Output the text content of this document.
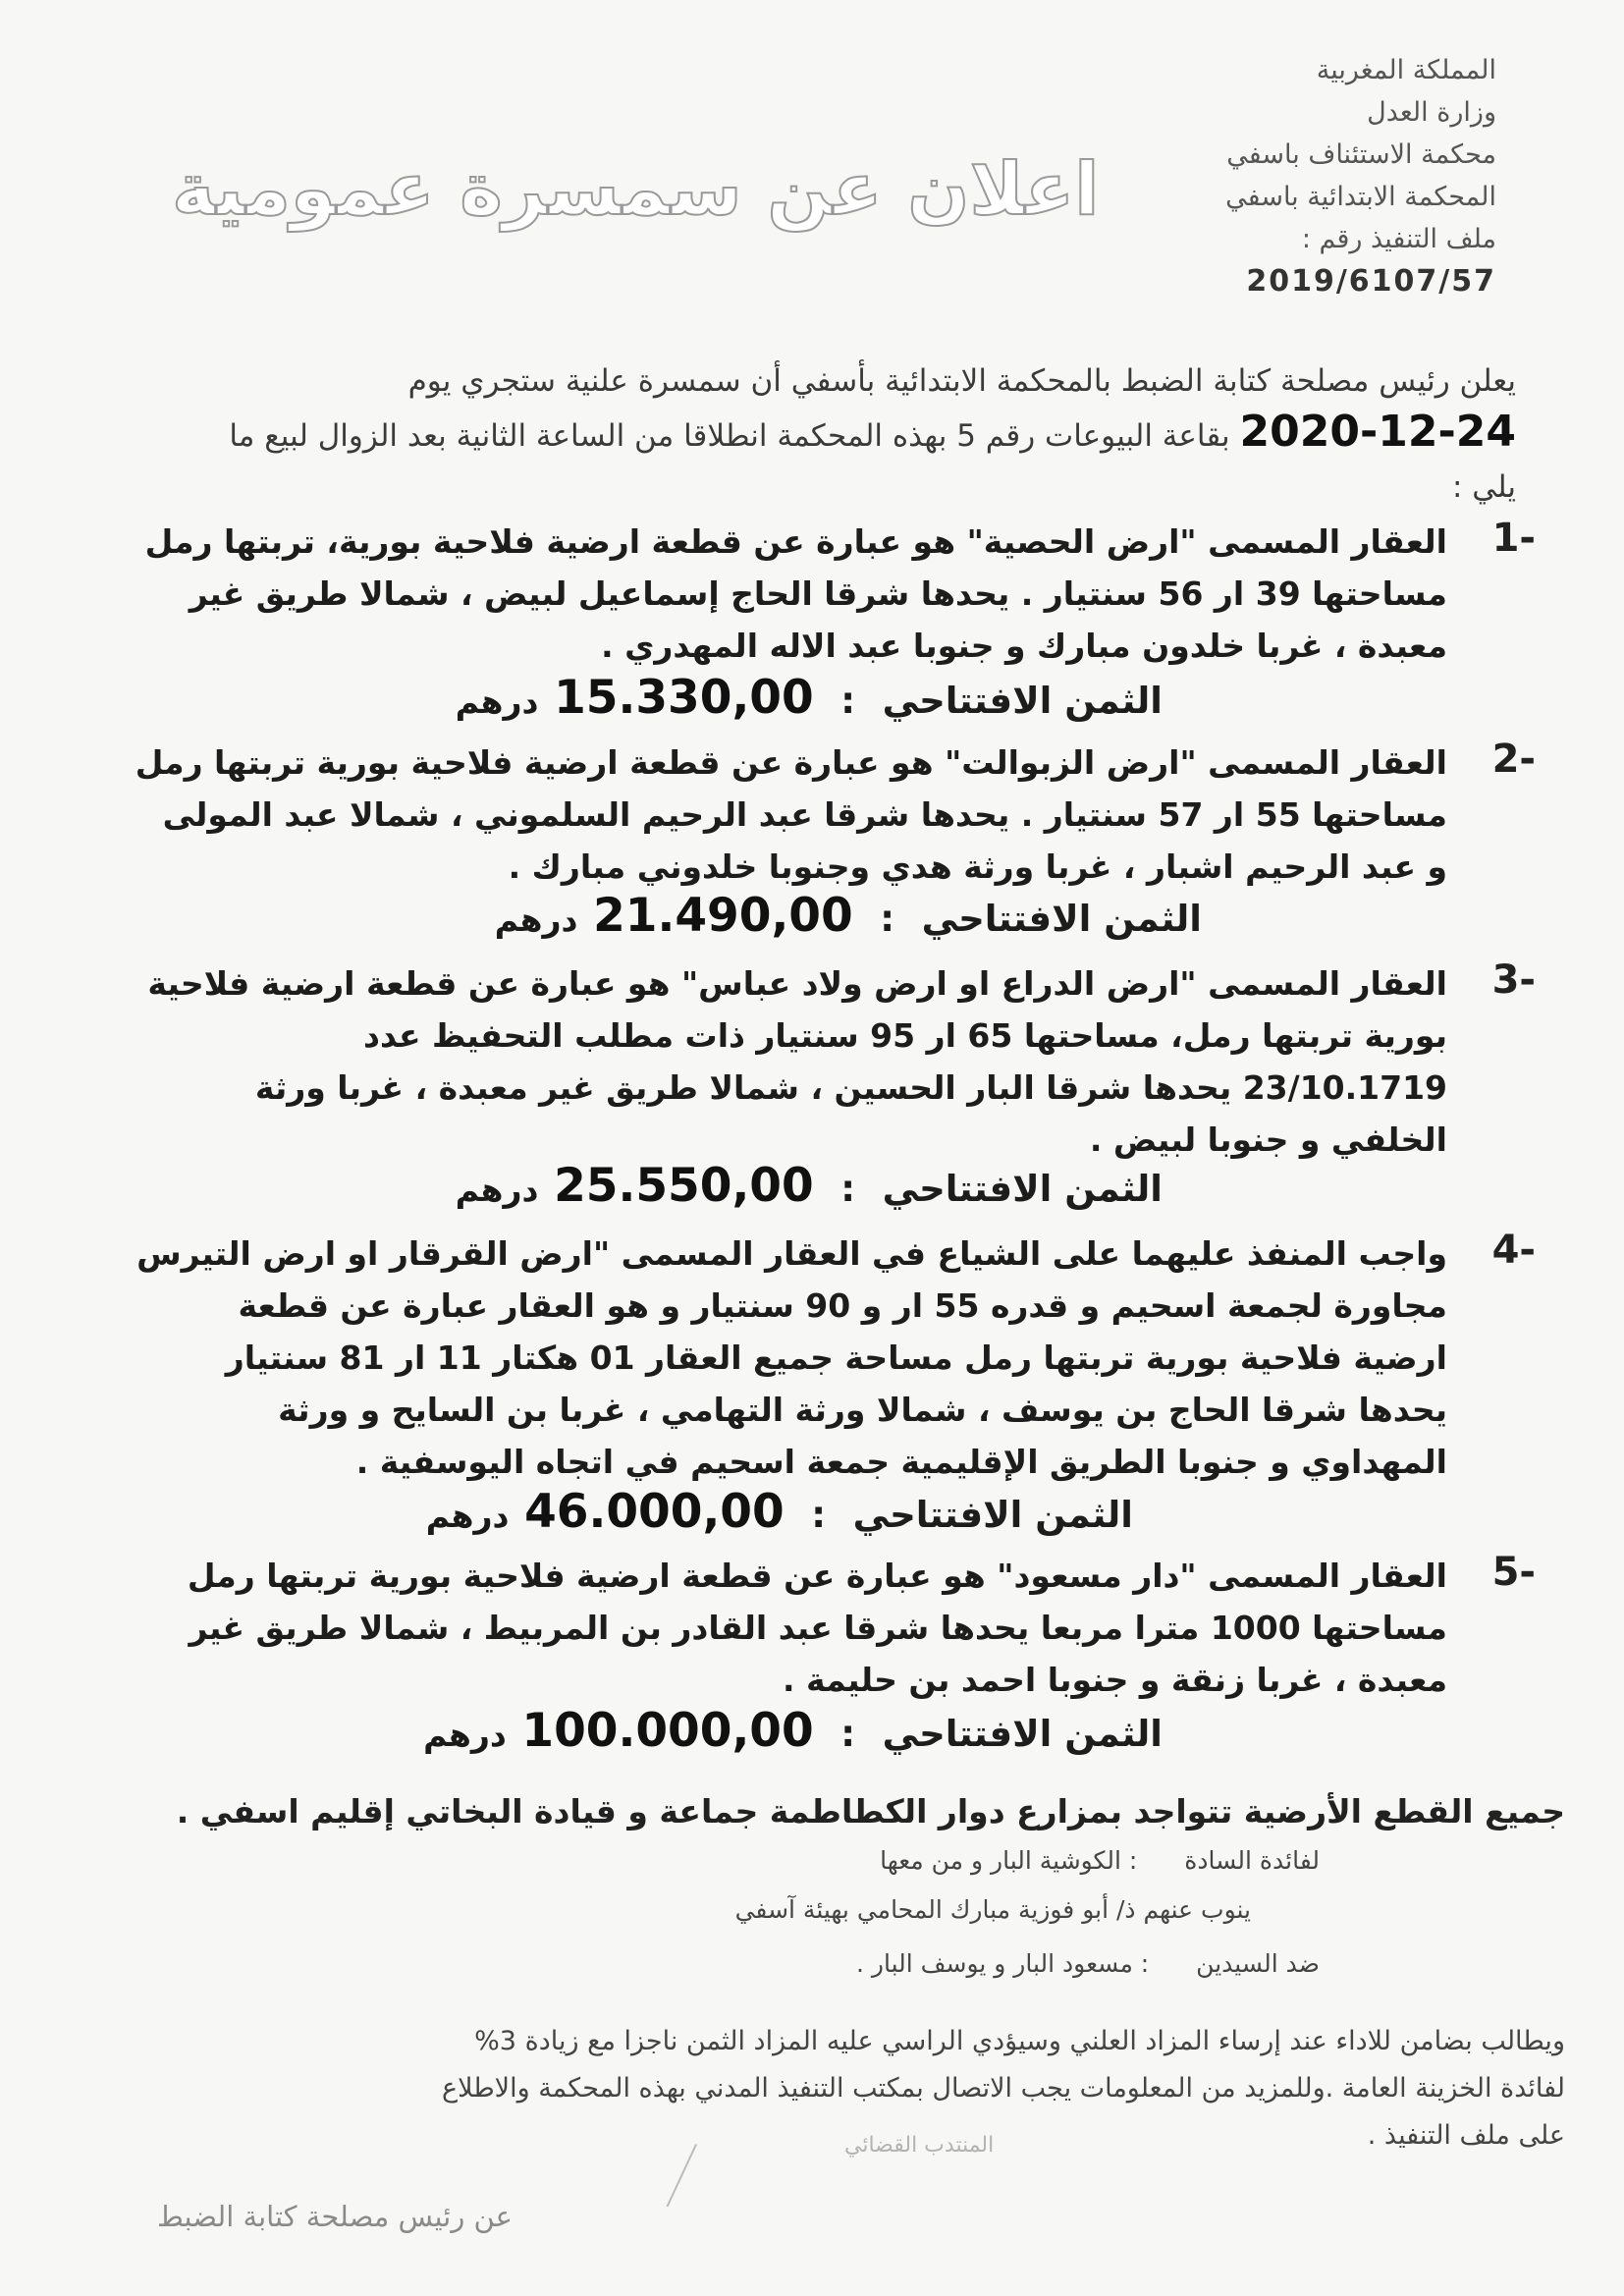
المملكة المغربية
وزارة العدل
محكمة الاستئناف باسفي
المحكمة الابتدائية باسفي
ملف التنفيذ رقم :
2019/6107/57
اعلان عن سمسرة عمومية
يعلن رئيس مصلحة كتابة الضبط بالمحكمة الابتدائية بأسفي أن سمسرة علنية ستجري يوم
2020-12-24 بقاعة البيوعات رقم 5 بهذه المحكمة انطلاقا من الساعة الثانية بعد الزوال لبيع ما
يلي :
1-
العقار المسمى "ارض الحصية" هو عبارة عن قطعة ارضية فلاحية بورية، تربتها رمل
مساحتها 39 ار 56 سنتيار . يحدها شرقا الحاج إسماعيل لبيض ، شمالا طريق غير
معبدة ، غربا خلدون مبارك و جنوبا عبد الاله المهدري .
الثمن الافتتاحي : 15.330,00 درهم
2-
العقار المسمى "ارض الزبوالت" هو عبارة عن قطعة ارضية فلاحية بورية تربتها رمل
مساحتها 55 ار 57 سنتيار . يحدها شرقا عبد الرحيم السلموني ، شمالا عبد المولى
و عبد الرحيم اشبار ، غربا ورثة هدي وجنوبا خلدوني مبارك .
الثمن الافتتاحي : 21.490,00 درهم
3-
العقار المسمى "ارض الدراع او ارض ولاد عباس" هو عبارة عن قطعة ارضية فلاحية
بورية تربتها رمل، مساحتها 65 ار 95 سنتيار ذات مطلب التحفيظ عدد
23/10.1719 يحدها شرقا البار الحسين ، شمالا طريق غير معبدة ، غربا ورثة
الخلفي و جنوبا لبيض .
الثمن الافتتاحي : 25.550,00 درهم
4-
واجب المنفذ عليهما على الشياع في العقار المسمى "ارض القرقار او ارض التيرس
مجاورة لجمعة اسحيم و قدره 55 ار و 90 سنتيار و هو العقار عبارة عن قطعة
ارضية فلاحية بورية تربتها رمل مساحة جميع العقار 01 هكتار 11 ار 81 سنتيار
يحدها شرقا الحاج بن يوسف ، شمالا ورثة التهامي ، غربا بن السايح و ورثة
المهداوي و جنوبا الطريق الإقليمية جمعة اسحيم في اتجاه اليوسفية .
الثمن الافتتاحي : 46.000,00 درهم
5-
العقار المسمى "دار مسعود" هو عبارة عن قطعة ارضية فلاحية بورية تربتها رمل
مساحتها 1000 مترا مربعا يحدها شرقا عبد القادر بن المربيط ، شمالا طريق غير
معبدة ، غربا زنقة و جنوبا احمد بن حليمة .
الثمن الافتتاحي : 100.000,00 درهم
جميع القطع الأرضية تتواجد بمزارع دوار الكطاطمة جماعة و قيادة البخاتي إقليم اسفي .
لفائدة السادة : الكوشية البار و من معها
ينوب عنهم ذ/ أبو فوزية مبارك المحامي بهيئة آسفي
ضد السيدين : مسعود البار و يوسف البار .
ويطالب بضامن للاداء عند إرساء المزاد العلني وسيؤدي الراسي عليه المزاد الثمن ناجزا مع زيادة 3%
لفائدة الخزينة العامة .وللمزيد من المعلومات يجب الاتصال بمكتب التنفيذ المدني بهذه المحكمة والاطلاع
على ملف التنفيذ .
المنتدب القضائي
عن رئيس مصلحة كتابة الضبط
